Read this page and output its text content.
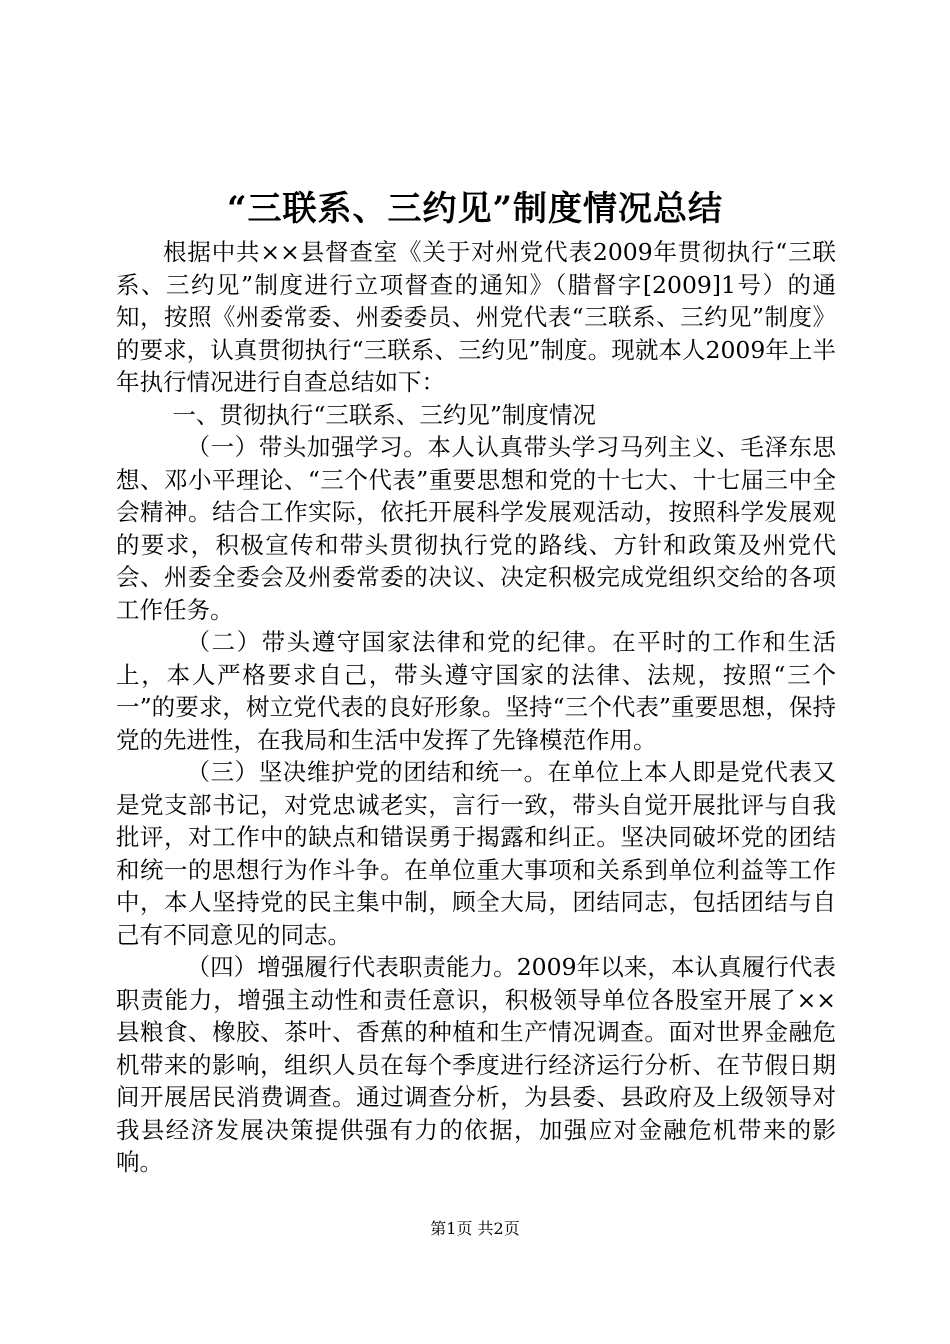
“三联系、三约见”制度情况总结

根据中共××县督查室《关于对州党代表2009年贯彻执行“三联系、三约见”制度进行立项督查的通知》（腊督字[2009]1号）的通知，按照《州委常委、州委委员、州党代表“三联系、三约见”制度》的要求，认真贯彻执行“三联系、三约见”制度。现就本人2009年上半年执行情况进行自查总结如下：

一、贯彻执行“三联系、三约见”制度情况

（一）带头加强学习。本人认真带头学习马列主义、毛泽东思想、邓小平理论、“三个代表”重要思想和党的十七大、十七届三中全会精神。结合工作实际，依托开展科学发展观活动，按照科学发展观的要求，积极宣传和带头贯彻执行党的路线、方针和政策及州党代会、州委全委会及州委常委的决议、决定积极完成党组织交给的各项工作任务。

（二）带头遵守国家法律和党的纪律。在平时的工作和生活上，本人严格要求自己，带头遵守国家的法律、法规，按照“三个一”的要求，树立党代表的良好形象。坚持“三个代表”重要思想，保持党的先进性，在我局和生活中发挥了先锋模范作用。

（三）坚决维护党的团结和统一。在单位上本人即是党代表又是党支部书记，对党忠诚老实，言行一致，带头自觉开展批评与自我批评，对工作中的缺点和错误勇于揭露和纠正。坚决同破坏党的团结和统一的思想行为作斗争。在单位重大事项和关系到单位利益等工作中，本人坚持党的民主集中制，顾全大局，团结同志，包括团结与自己有不同意见的同志。

（四）增强履行代表职责能力。2009年以来，本认真履行代表职责能力，增强主动性和责任意识，积极领导单位各股室开展了××县粮食、橡胶、茶叶、香蕉的种植和生产情况调查。面对世界金融危机带来的影响，组织人员在每个季度进行经济运行分析、在节假日期间开展居民消费调查。通过调查分析，为县委、县政府及上级领导对我县经济发展决策提供强有力的依据，加强应对金融危机带来的影响。

第1页 共2页
